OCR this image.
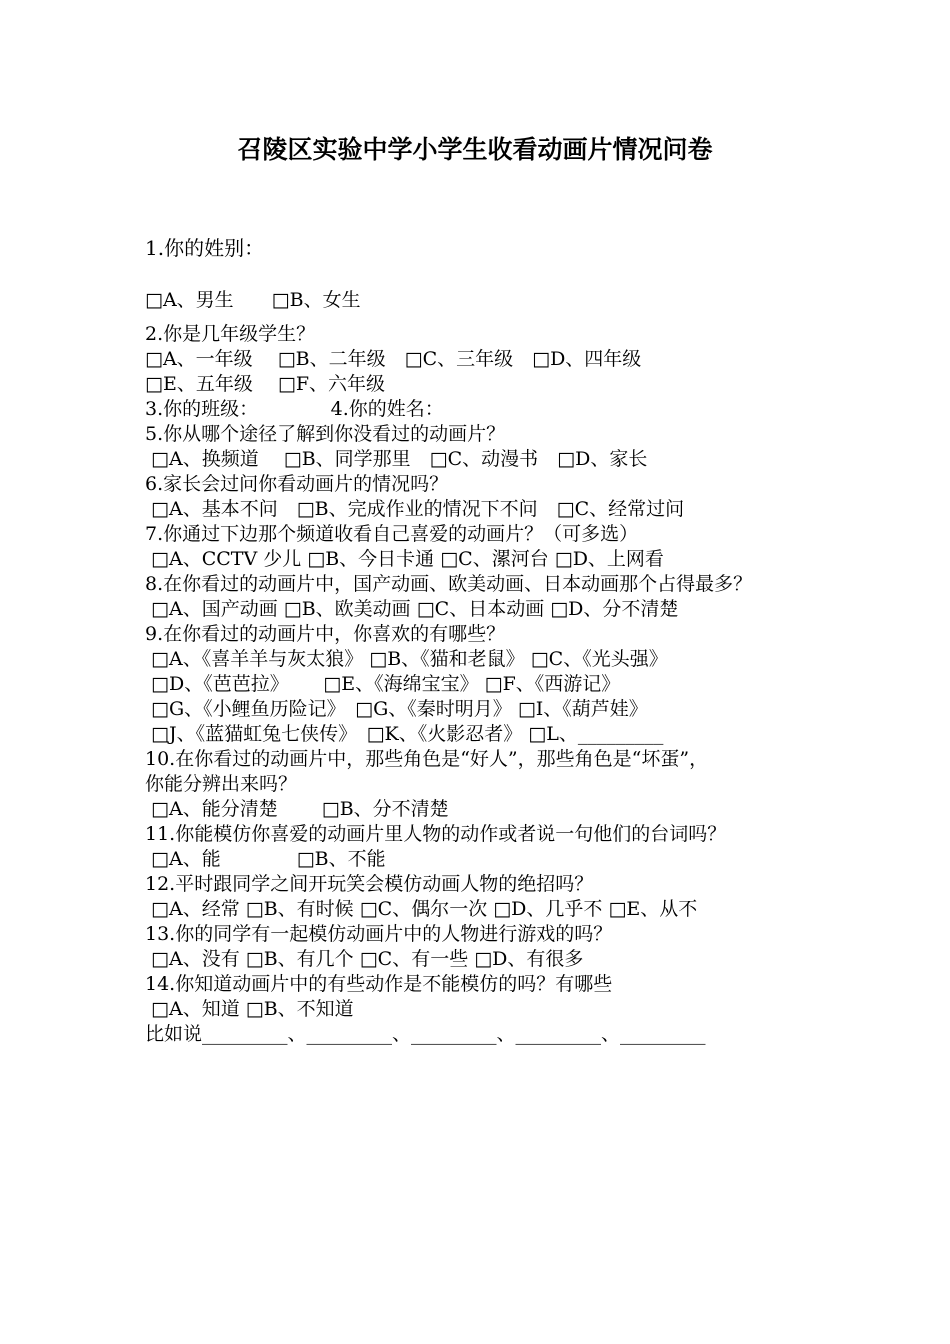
召陵区实验中学小学生收看动画片情况问卷
1.你的姓别：
□A、男生　　□B、女生
2.你是几年级学生？
□A、一年级　 □B、二年级　□C、三年级　□D、四年级
□E、五年级　 □F、六年级
3.你的班级：　　　　 4.你的姓名：
5.你从哪个途径了解到你没看过的动画片？
□A、换频道　 □B、同学那里　□C、动漫书　□D、家长
6.家长会过问你看动画片的情况吗？
□A、基本不问　□B、完成作业的情况下不问　□C、经常过问
7.你通过下边那个频道收看自己喜爱的动画片？（可多选）
□A、CCTV 少儿 □B、今日卡通 □C、漯河台 □D、上网看
8.在你看过的动画片中，国产动画、欧美动画、日本动画那个占得最多？
□A、国产动画 □B、欧美动画 □C、日本动画 □D、分不清楚
9.在你看过的动画片中，你喜欢的有哪些？
□A、《喜羊羊与灰太狼》 □B、《猫和老鼠》 □C、《光头强》
□D、《芭芭拉》　　 □E、《海绵宝宝》 □F、《西游记》
□G、《小鲤鱼历险记》　□G、《秦时明月》 □I、《葫芦娃》
□J、《蓝猫虹兔七侠传》　□K、《火影忍者》 □L、_________
10.在你看过的动画片中，那些角色是“好人”，那些角色是“坏蛋”，
你能分辨出来吗？
□A、能分清楚　　 □B、分不清楚
11.你能模仿你喜爱的动画片里人物的动作或者说一句他们的台词吗？
□A、能　　　　□B、不能
12.平时跟同学之间开玩笑会模仿动画人物的绝招吗？
□A、经常 □B、有时候 □C、偶尔一次 □D、几乎不 □E、从不
13.你的同学有一起模仿动画片中的人物进行游戏的吗？
□A、没有 □B、有几个 □C、有一些 □D、有很多
14.你知道动画片中的有些动作是不能模仿的吗？有哪些
□A、知道 □B、不知道
比如说_________、_________、_________、_________、_________
